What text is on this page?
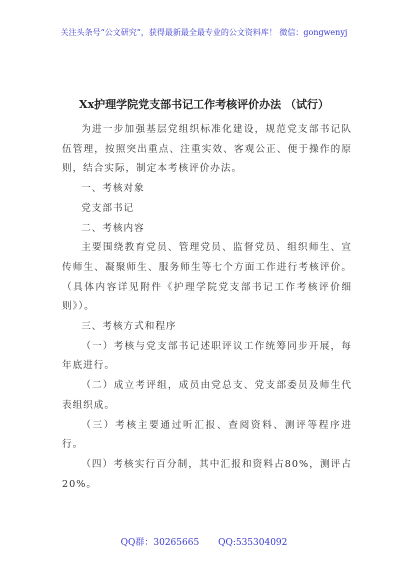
关注头条号“公文研究”，获得最新最全最专业的公文资料库！ 微信：gongwenyj
Xx护理学院党支部书记工作考核评价办法 （试行）

为进一步加强基层党组织标准化建设，规范党支部书记队伍管理，按照突出重点、注重实效、客观公正、便于操作的原则，结合实际，制定本考核评价办法。

一、考核对象

党支部书记

二、考核内容

主要围绕教育党员、管理党员、监督党员、组织师生、宣传师生、凝聚师生、服务师生等七个方面工作进行考核评价。（具体内容详见附件《护理学院党支部书记工作考核评价细则》）。

三、考核方式和程序

（一）考核与党支部书记述职评议工作统筹同步开展，每年底进行。

（二）成立考评组，成员由党总支、党支部委员及师生代表组织成。

（三）考核主要通过听汇报、查阅资料、测评等程序进行。

（四）考核实行百分制，其中汇报和资料占80%，测评占20%。

QQ群：30265665 QQ:535304092
